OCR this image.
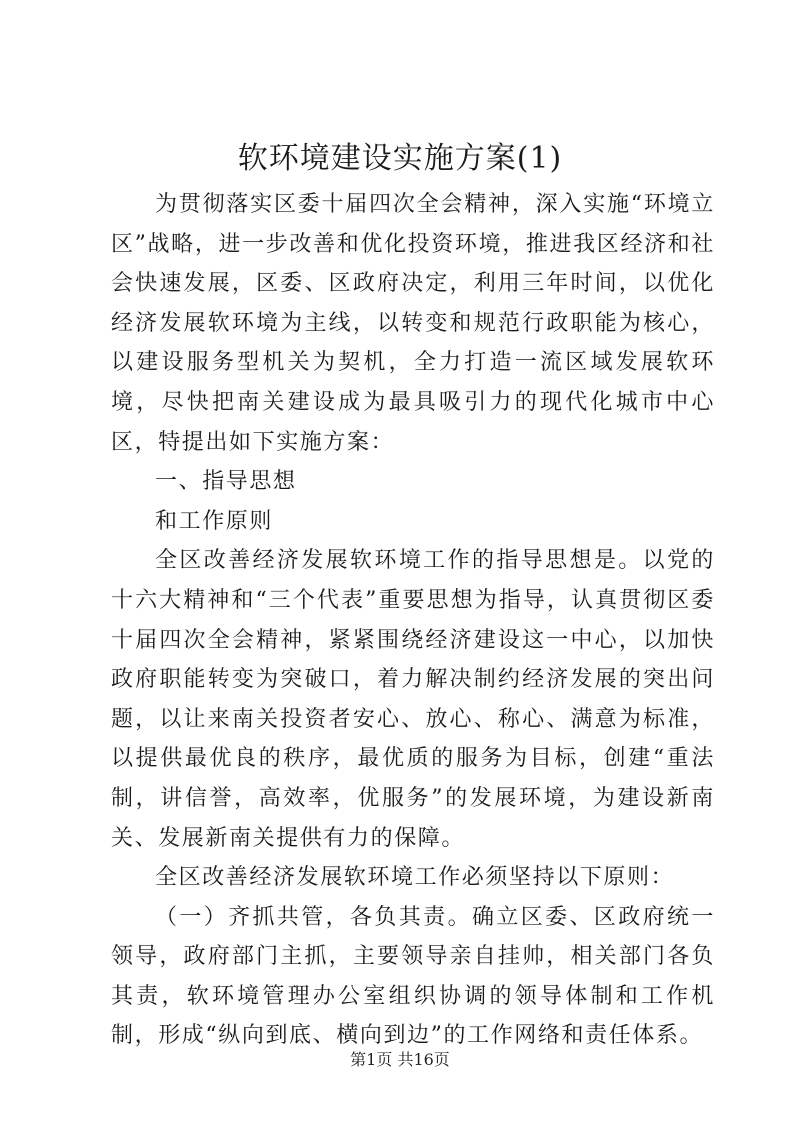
软环境建设实施方案(1)

为贯彻落实区委十届四次全会精神，深入实施“环境立区”战略，进一步改善和优化投资环境，推进我区经济和社会快速发展，区委、区政府决定，利用三年时间，以优化经济发展软环境为主线，以转变和规范行政职能为核心，以建设服务型机关为契机，全力打造一流区域发展软环境，尽快把南关建设成为最具吸引力的现代化城市中心区，特提出如下实施方案：

一、指导思想

和工作原则

全区改善经济发展软环境工作的指导思想是。以党的十六大精神和“三个代表”重要思想为指导，认真贯彻区委十届四次全会精神，紧紧围绕经济建设这一中心，以加快政府职能转变为突破口，着力解决制约经济发展的突出问题，以让来南关投资者安心、放心、称心、满意为标准，以提供最优良的秩序，最优质的服务为目标，创建“重法制，讲信誉，高效率，优服务”的发展环境，为建设新南关、发展新南关提供有力的保障。

全区改善经济发展软环境工作必须坚持以下原则：

（一）齐抓共管，各负其责。确立区委、区政府统一领导，政府部门主抓，主要领导亲自挂帅，相关部门各负其责，软环境管理办公室组织协调的领导体制和工作机制，形成“纵向到底、横向到边”的工作网络和责任体系。

第1页 共16页
